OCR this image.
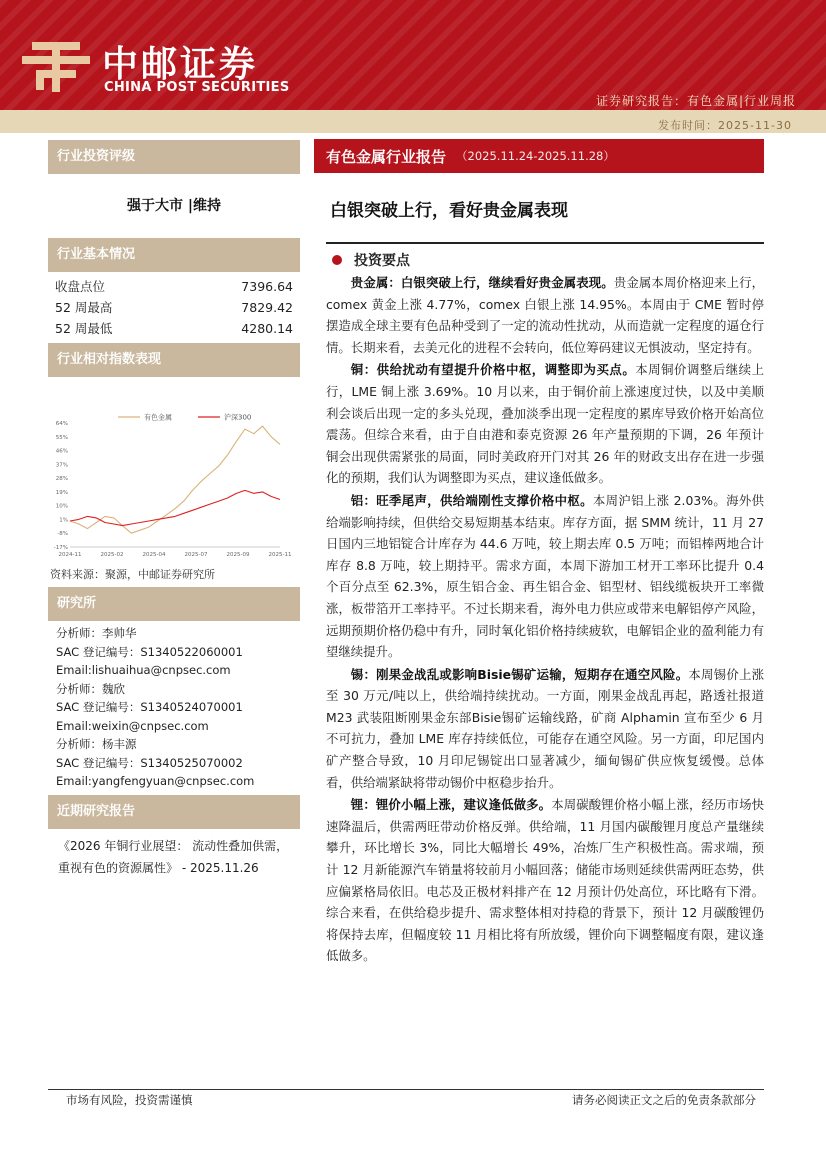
中邮证券
CHINA POST SECURITIES
证券研究报告：有色金属|行业周报
发布时间：2025-11-30
行业投资评级
强于大市 |维持
行业基本情况
收盘点位	7396.64
52 周最高	7829.42
52 周最低	4280.14
行业相对指数表现
64%
55%
46%
37%
28%
19%
10%
1%
-8%
-17%
2024-11	2025-02	2025-04	2025-07	2025-09	2025-11
有色金属	沪深300
资料来源：聚源，中邮证券研究所
研究所
分析师：李帅华
SAC 登记编号：S1340522060001
Email:lishuaihua@cnpsec.com
分析师：魏欣
SAC 登记编号：S1340524070001
Email:weixin@cnpsec.com
分析师：杨丰源
SAC 登记编号：S1340525070002
Email:yangfengyuan@cnpsec.com
近期研究报告
《2026 年铜行业展望： 流动性叠加供需，重视有色的资源属性》 - 2025.11.26
有色金属行业报告 （2025.11.24-2025.11.28）
白银突破上行，看好贵金属表现
投资要点

贵金属：白银突破上行，继续看好贵金属表现。贵金属本周价格迎来上行，comex 黄金上涨 4.77%，comex 白银上涨 14.95%。本周由于 CME 暂时停摆造成全球主要有色品种受到了一定的流动性扰动，从而造就一定程度的逼仓行情。长期来看，去美元化的进程不会转向，低位筹码建议无惧波动，坚定持有。

铜：供给扰动有望提升价格中枢，调整即为买点。本周铜价调整后继续上行，LME 铜上涨 3.69%。10 月以来，由于铜价前上涨速度过快，以及中美顺利会谈后出现一定的多头兑现，叠加淡季出现一定程度的累库导致价格开始高位震荡。但综合来看，由于自由港和泰克资源 26 年产量预期的下调，26 年预计铜会出现供需紧张的局面，同时美政府开门对其 26 年的财政支出存在进一步强化的预期，我们认为调整即为买点，建议逢低做多。

铝：旺季尾声，供给端刚性支撑价格中枢。本周沪铝上涨 2.03%。海外供给端影响持续，但供给交易短期基本结束。库存方面，据 SMM 统计，11 月 27 日国内三地铝锭合计库存为 44.6 万吨，较上期去库 0.5 万吨；而铝棒两地合计库存 8.8 万吨，较上期持平。需求方面，本周下游加工材开工率环比提升 0.4 个百分点至 62.3%，原生铝合金、再生铝合金、铝型材、铝线缆板块开工率微涨，板带箔开工率持平。不过长期来看，海外电力供应或带来电解铝停产风险，远期预期价格仍稳中有升，同时氧化铝价格持续疲软，电解铝企业的盈利能力有望继续提升。

锡：刚果金战乱或影响Bisie锡矿运输，短期存在通空风险。本周锡价上涨至 30 万元/吨以上，供给端持续扰动。一方面，刚果金战乱再起，路透社报道 M23 武装阻断刚果金东部Bisie锡矿运输线路，矿商 Alphamin 宣布至少 6 月不可抗力，叠加 LME 库存持续低位，可能存在通空风险。另一方面，印尼国内矿产整合导致，10 月印尼锡锭出口显著减少，缅甸锡矿供应恢复缓慢。总体看，供给端紧缺将带动锡价中枢稳步抬升。

锂：锂价小幅上涨，建议逢低做多。本周碳酸锂价格小幅上涨，经历市场快速降温后，供需两旺带动价格反弹。供给端，11 月国内碳酸锂月度总产量继续攀升，环比增长 3%，同比大幅增长 49%，冶炼厂生产积极性高。需求端，预计 12 月新能源汽车销量将较前月小幅回落；储能市场则延续供需两旺态势，供应偏紧格局依旧。电芯及正极材料排产在 12 月预计仍处高位，环比略有下滑。综合来看，在供给稳步提升、需求整体相对持稳的背景下，预计 12 月碳酸锂仍将保持去库，但幅度较 11 月相比将有所放缓，锂价向下调整幅度有限，建议逢低做多。

市场有风险，投资需谨慎	请务必阅读正文之后的免责条款部分
